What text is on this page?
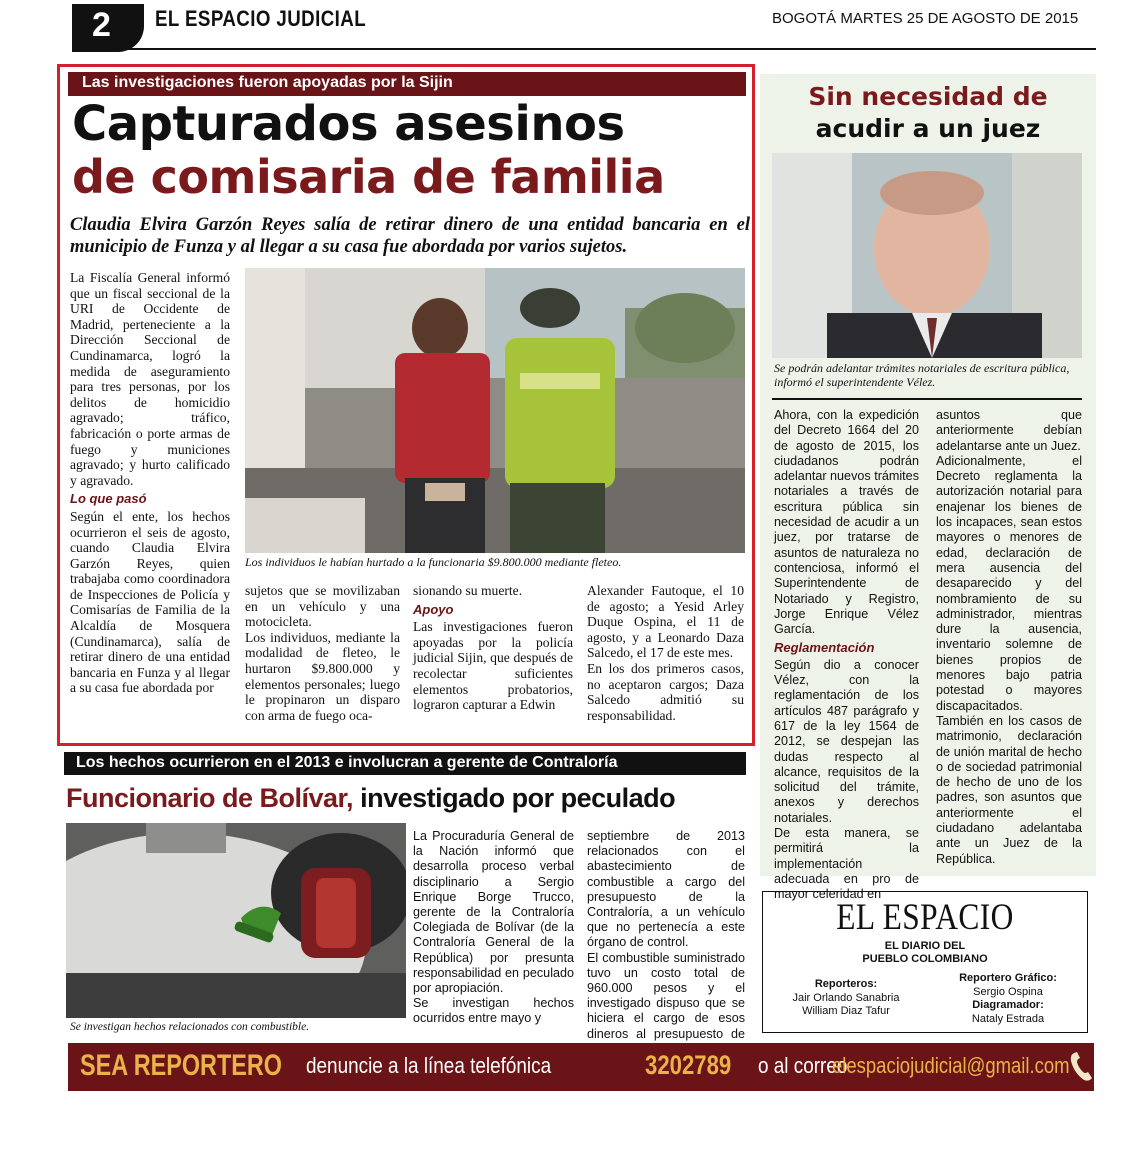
2 EL ESPACIO JUDICIAL	BOGOTÁ MARTES 25 DE AGOSTO DE 2015
Las investigaciones fueron apoyadas por la Sijin
Capturados asesinos
de comisaria de familia
Claudia Elvira Garzón Reyes salía de retirar dinero de una entidad bancaria en el municipio de Funza y al llegar a su casa fue abordada por varios sujetos.
Los individuos le habían hurtado a la funcionaria $9.800.000 mediante fleteo.

La Fiscalía General informó que un fiscal seccional de la URI de Occidente de Madrid, perteneciente a la Dirección Seccional de Cundinamarca, logró la medida de aseguramiento para tres personas, por los delitos de homicidio agravado; tráfico, fabricación o porte armas de fuego y municiones agravado; y hurto calificado y agravado.

Lo que pasó

Según el ente, los hechos ocurrieron el seis de agosto, cuando Claudia Elvira Garzón Reyes, quien trabajaba como coordinadora de Inspecciones de Policía y Comisarías de Familia de la Alcaldía de Mosquera (Cundinamarca), salía de retirar dinero de una entidad bancaria en Funza y al llegar a su casa fue abordada por

sujetos que se movilizaban en un vehículo y una motocicleta.

Los individuos, mediante la modalidad de fleteo, le hurtaron $9.800.000 y elementos personales; luego le propinaron un disparo con arma de fuego oca-

sionando su muerte.

Apoyo

Las investigaciones fueron apoyadas por la policía judicial Sijin, que después de recolectar suficientes elementos probatorios, lograron capturar a Edwin

Alexander Fautoque, el 10 de agosto; a Yesid Arley Duque Ospina, el 11 de agosto, y a Leonardo Daza Salcedo, el 17 de este mes.

En los dos primeros casos, no aceptaron cargos; Daza Salcedo admitió su responsabilidad.

Los hechos ocurrieron en el 2013 e involucran a gerente de Contraloría
Funcionario de Bolívar, investigado por peculado
Se investigan hechos relacionados con combustible.

La Procuraduría General de la Nación informó que desarrolla proceso verbal disciplinario a Sergio Enrique Borge Trucco, gerente de la Contraloría Colegiada de Bolívar (de la Contraloría General de la República) por presunta responsabilidad en peculado por apropiación.

Se investigan hechos ocurridos entre mayo y

septiembre de 2013 relacionados con el abastecimiento de combustible a cargo del presupuesto de la Contraloría, a un vehículo que no pertenecía a este órgano de control.

El combustible suministrado tuvo un costo total de 960.000 pesos y el investigado dispuso que se hiciera el cargo de esos dineros al presupuesto de

Sin necesidad de
acudir a un juez
Se podrán adelantar trámites notariales de escritura pública, informó el superintendente Vélez.

Ahora, con la expedición del Decreto 1664 del 20 de agosto de 2015, los ciudadanos podrán adelantar nuevos trámites notariales a través de escritura pública sin necesidad de acudir a un juez, por tratarse de asuntos de naturaleza no contenciosa, informó el Superintendente de Notariado y Registro, Jorge Enrique Vélez García.

Reglamentación

Según dio a conocer Vélez, con la reglamentación de los artículos 487 parágrafo y 617 de la ley 1564 de 2012, se despejan las dudas respecto al alcance, requisitos de la solicitud del trámite, anexos y derechos notariales.

De esta manera, se permitirá la implementación adecuada en pro de mayor celeridad en

asuntos que anteriormente debían adelantarse ante un Juez.

Adicionalmente, el Decreto reglamenta la autorización notarial para enajenar los bienes de los incapaces, sean estos mayores o menores de edad, declaración de mera ausencia del desaparecido y del nombramiento de su administrador, mientras dure la ausencia, inventario solemne de bienes propios de menores bajo patria potestad o mayores discapacitados.

También en los casos de matrimonio, declaración de unión marital de hecho o de sociedad patrimonial de hecho de uno de los padres, son asuntos que anteriormente el ciudadano adelantaba ante un Juez de la República.

EL ESPACIO
EL DIARIO DEL
PUEBLO COLOMBIANO
Reporteros:
Jair Orlando Sanabria
William Diaz Tafur
Reportero Gráfico:
Sergio Ospina
Diagramador:
Nataly Estrada
SEA REPORTERO denuncie a la línea telefónica	3202789 o al correo
elespaciojudicial@gmail.com
